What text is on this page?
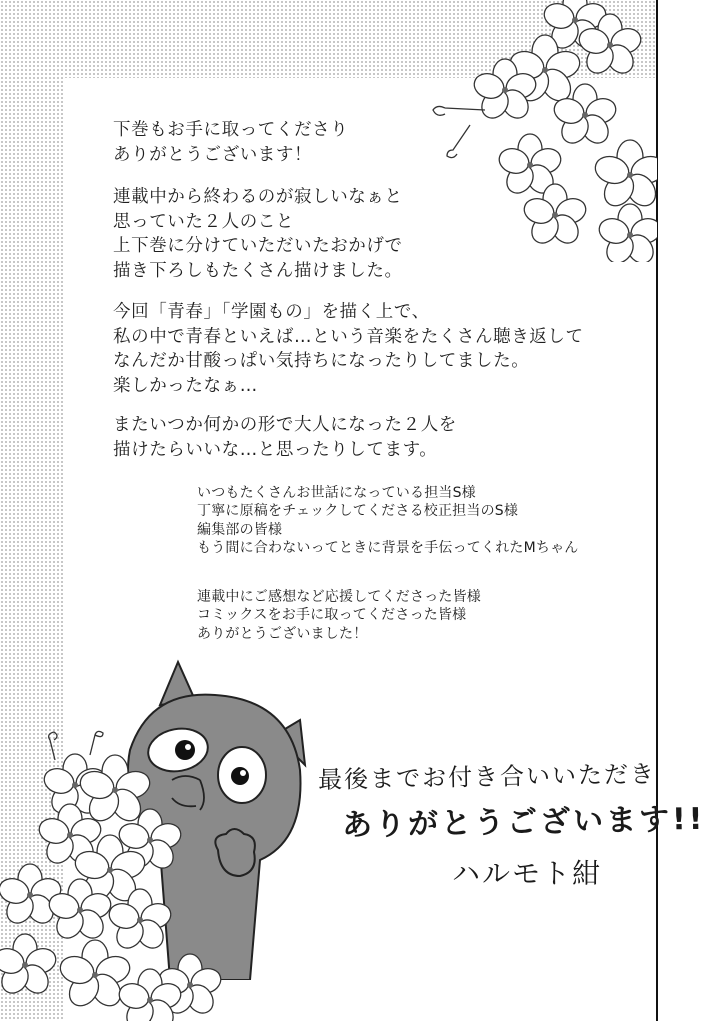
下巻もお手に取ってくださり
ありがとうございます！
連載中から終わるのが寂しいなぁと
思っていた２人のこと
上下巻に分けていただいたおかげで
描き下ろしもたくさん描けました。
今回「青春」「学園もの」を描く上で、
私の中で青春といえば…という音楽をたくさん聴き返して
なんだか甘酸っぱい気持ちになったりしてました。
楽しかったなぁ…
またいつか何かの形で大人になった２人を
描けたらいいな…と思ったりしてます。
いつもたくさんお世話になっている担当S様
丁寧に原稿をチェックしてくださる校正担当のS様
編集部の皆様
もう間に合わないってときに背景を手伝ってくれたMちゃん
連載中にご感想など応援してくださった皆様
コミックスをお手に取ってくださった皆様
ありがとうございました！
最後までお付き合いいただき
ありがとうございます!!
ハルモト紺
